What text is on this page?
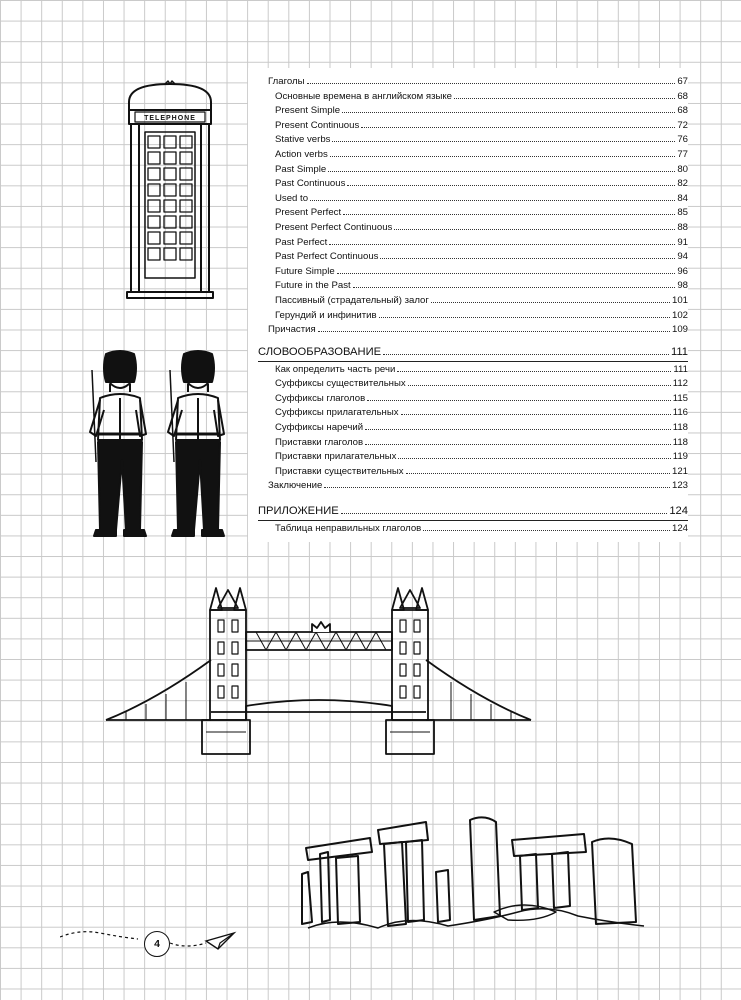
Глаголы	67
Основные времена в английском языке	68
Present Simple	68
Present Continuous	72
Stative verbs	76
Action verbs	77
Past Simple	80
Past Continuous	82
Used to	84
Present Perfect	85
Present Perfect Continuous	88
Past Perfect	91
Past Perfect Continuous	94
Future Simple	96
Future in the Past	98
Пассивный (страдательный) залог	101
Герундий и инфинитив	102
Причастия	109
СЛОВООБРАЗОВАНИЕ	111
Как определить часть речи	111
Суффиксы существительных	112
Суффиксы глаголов	115
Суффиксы прилагательных	116
Суффиксы наречий	118
Приставки глаголов	118
Приставки прилагательных	119
Приставки существительных	121
Заключение	123
ПРИЛОЖЕНИЕ	124
Таблица неправильных глаголов	124
TELEPHONE
4
